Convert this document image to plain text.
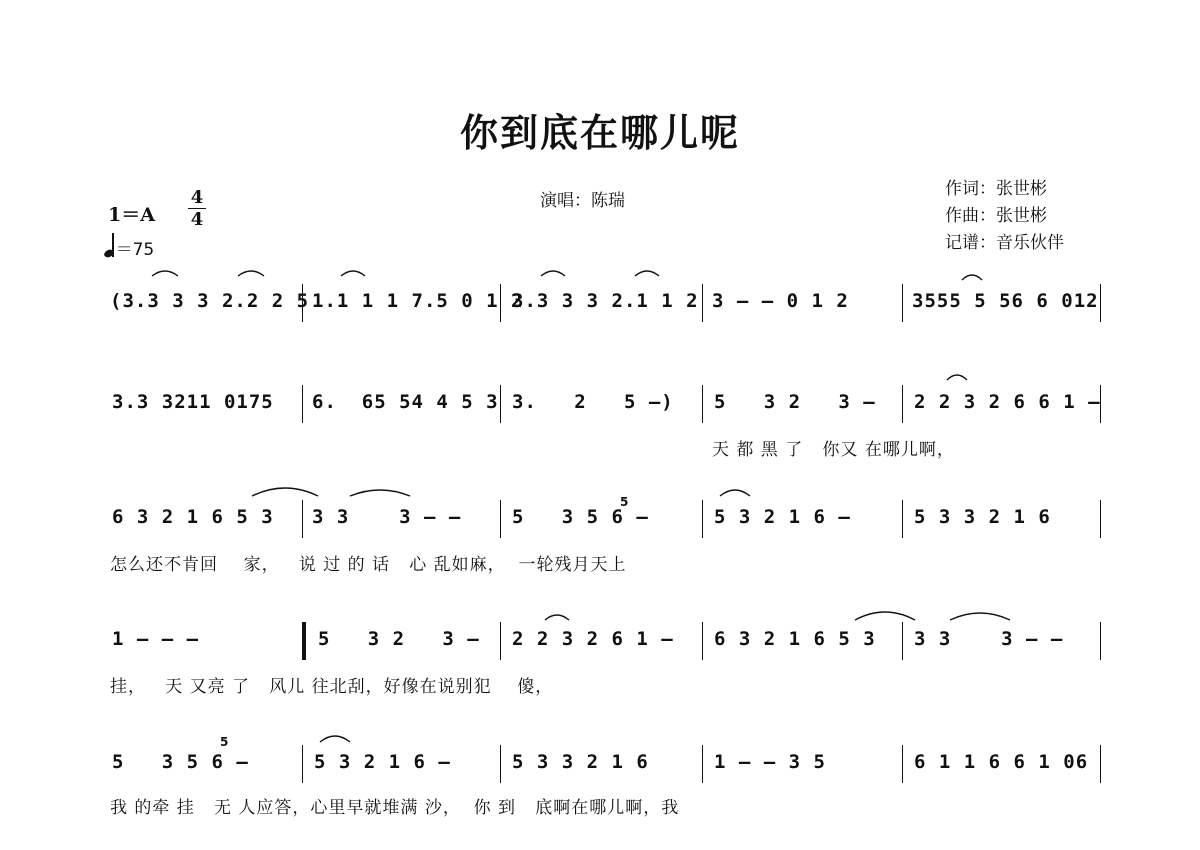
你到底在哪儿呢
演唱：陈瑞
作词：张世彬
作曲：张世彬
记谱：音乐伙伴
1＝A
4
4
＝75
(3.3 3 3 2.2 2 5 1.1 1 1 7.5 0 1 2
3.3 3 3 2.1 1 2 3 – – 0 1 2	3555 5 56 6 012
3.3 3211 0175 6.  65 54 4 5 3 3.   2   5 –) 5   3 2   3 – 2 2 3 2 6 6 1 –
天 都 黑 了   你又 在哪儿啊，
6 3 2 1 6 5 3 3 3    3 – –	5   3 5 6 –	5 3 2 1 6 –	5 3 3 2 1 6
怎么还不肯回    家，   说 过 的 话   心 乱如麻，  一轮残月天上
1 – – –	5   3 2   3 – 2 2 3 2 6 1 – 6 3 2 1 6 5 3 3 3    3 – –
挂，   天 又亮 了   风儿 往北刮，好像在说别犯    傻，
5   3 5 6 –	5 3 2 1 6 –	5 3 3 2 1 6	1 – – 3 5	6 1 1 6 6 1 06
我 的牵 挂   无 人应答，心里早就堆满 沙，  你 到   底啊在哪儿啊，我
5
5
